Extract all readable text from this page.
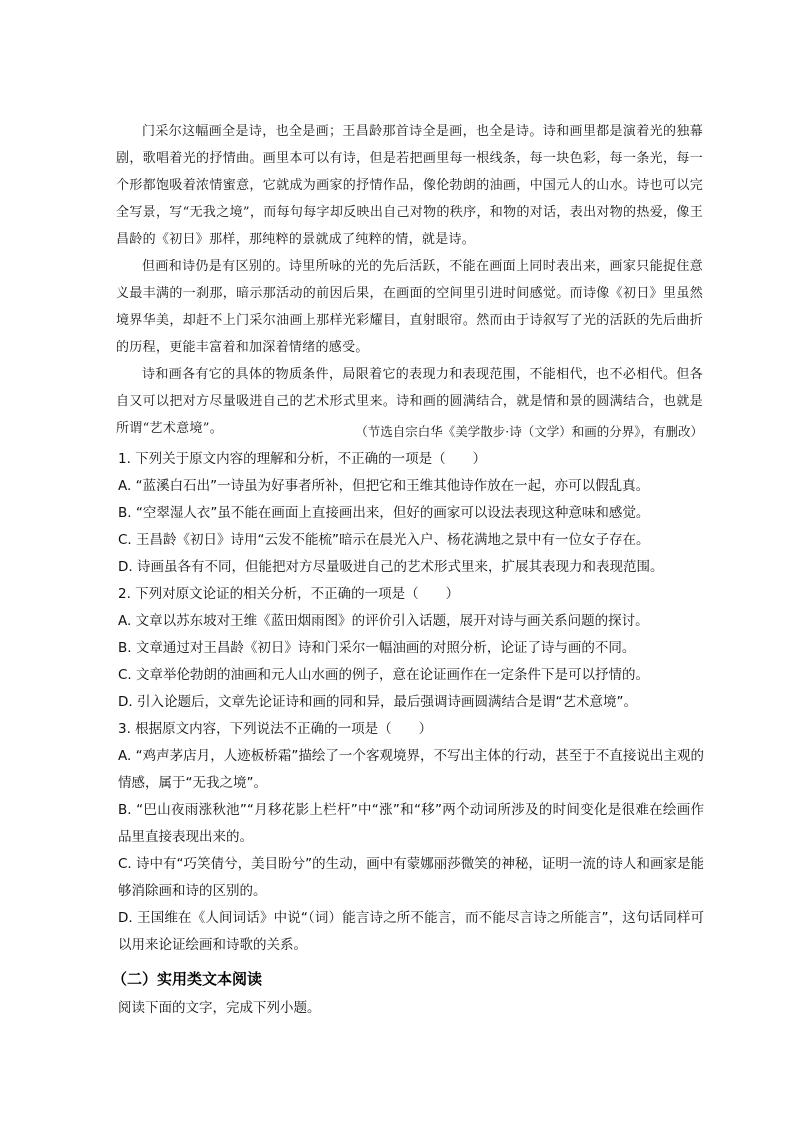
门采尔这幅画全是诗，也全是画；王昌龄那首诗全是画，也全是诗。诗和画里都是演着光的独幕剧，歌唱着光的抒情曲。画里本可以有诗，但是若把画里每一根线条，每一块色彩，每一条光，每一个形都饱吸着浓情蜜意，它就成为画家的抒情作品，像伦勃朗的油画，中国元人的山水。诗也可以完全写景，写“无我之境”，而每句每字却反映出自己对物的秩序，和物的对话，表出对物的热爱，像王昌龄的《初日》那样，那纯粹的景就成了纯粹的情，就是诗。

但画和诗仍是有区别的。诗里所咏的光的先后活跃，不能在画面上同时表出来，画家只能捉住意义最丰满的一刹那，暗示那活动的前因后果，在画面的空间里引进时间感觉。而诗像《初日》里虽然境界华美，却赶不上门采尔油画上那样光彩耀目，直射眼帘。然而由于诗叙写了光的活跃的先后曲折的历程，更能丰富着和加深着情绪的感受。

诗和画各有它的具体的物质条件，局限着它的表现力和表现范围，不能相代，也不必相代。但各自又可以把对方尽量吸进自己的艺术形式里来。诗和画的圆满结合，就是情和景的圆满结合，也就是所谓“艺术意境”。	（节选自宗白华《美学散步·诗（文学）和画的分界》，有删改）

1. 下列关于原文内容的理解和分析，不正确的一项是（　　）

A. “蓝溪白石出”一诗虽为好事者所补，但把它和王维其他诗作放在一起，亦可以假乱真。

B. “空翠湿人衣”虽不能在画面上直接画出来，但好的画家可以设法表现这种意味和感觉。

C. 王昌龄《初日》诗用“云发不能梳”暗示在晨光入户、杨花满地之景中有一位女子存在。

D. 诗画虽各有不同，但能把对方尽量吸进自己的艺术形式里来，扩展其表现力和表现范围。

2. 下列对原文论证的相关分析，不正确的一项是（　　）

A. 文章以苏东坡对王维《蓝田烟雨图》的评价引入话题，展开对诗与画关系问题的探讨。

B. 文章通过对王昌龄《初日》诗和门采尔一幅油画的对照分析，论证了诗与画的不同。

C. 文章举伦勃朗的油画和元人山水画的例子，意在论证画作在一定条件下是可以抒情的。

D. 引入论题后，文章先论证诗和画的同和异，最后强调诗画圆满结合是谓“艺术意境”。

3. 根据原文内容，下列说法不正确的一项是（　　）

A. “鸡声茅店月，人迹板桥霜”描绘了一个客观境界，不写出主体的行动，甚至于不直接说出主观的情感，属于“无我之境”。

B. “巴山夜雨涨秋池”“月移花影上栏杆”中“涨”和“移”两个动词所涉及的时间变化是很难在绘画作品里直接表现出来的。

C. 诗中有“巧笑倩兮，美目盼兮”的生动，画中有蒙娜丽莎微笑的神秘，证明一流的诗人和画家是能够消除画和诗的区别的。

D. 王国维在《人间词话》中说“（词）能言诗之所不能言，而不能尽言诗之所能言”，这句话同样可以用来论证绘画和诗歌的关系。

（二）实用类文本阅读
阅读下面的文字，完成下列小题。
